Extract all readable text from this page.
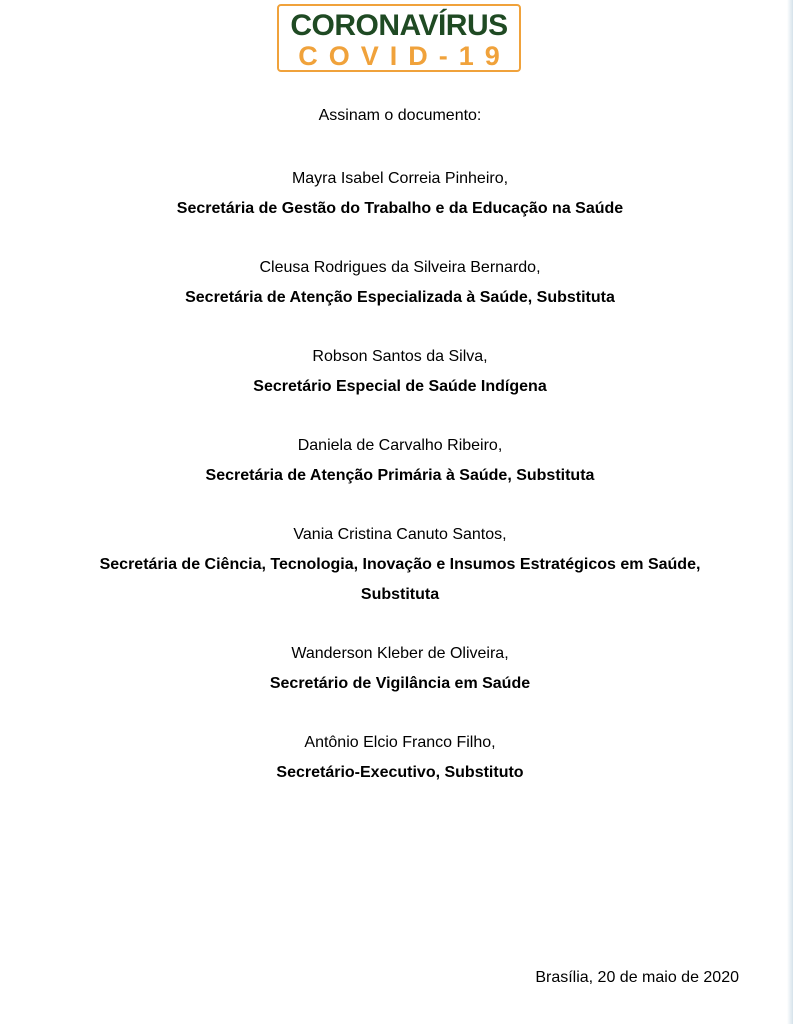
CORONAVÍRUS
COVID-19
Assinam o documento:
Mayra Isabel Correia Pinheiro,
Secretária de Gestão do Trabalho e da Educação na Saúde
Cleusa Rodrigues da Silveira Bernardo,
Secretária de Atenção Especializada à Saúde, Substituta
Robson Santos da Silva,
Secretário Especial de Saúde Indígena
Daniela de Carvalho Ribeiro,
Secretária de Atenção Primária à Saúde, Substituta
Vania Cristina Canuto Santos,
Secretária de Ciência, Tecnologia, Inovação e Insumos Estratégicos em Saúde, Substituta
Wanderson Kleber de Oliveira,
Secretário de Vigilância em Saúde
Antônio Elcio Franco Filho,
Secretário-Executivo, Substituto
Brasília, 20 de maio de 2020
